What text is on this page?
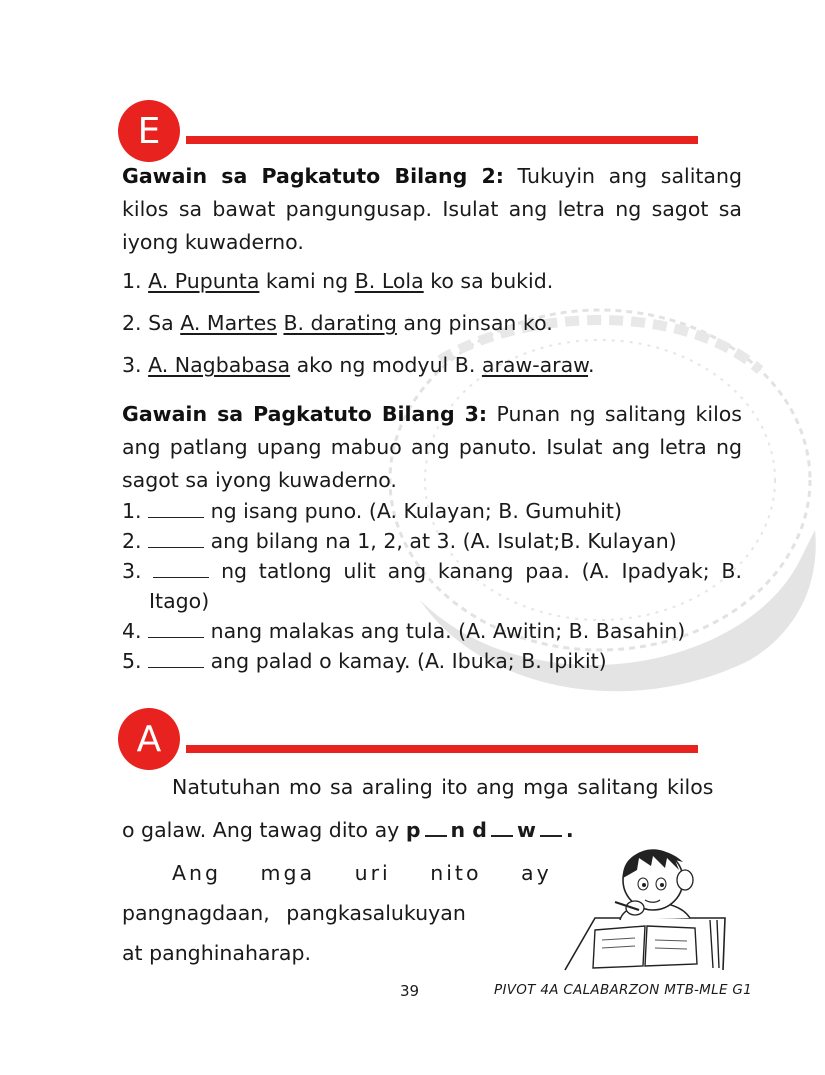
E
Gawain sa Pagkatuto Bilang 2: Tukuyin ang salitang kilos sa bawat pangungusap. Isulat ang letra ng sagot sa iyong kuwaderno.
1. A. Pupunta kami ng B. Lola ko sa bukid.
2. Sa A. Martes B. darating ang pinsan ko.
3. A. Nagbabasa ako ng modyul B. araw-araw.
Gawain sa Pagkatuto Bilang 3: Punan ng salitang kilos ang patlang upang mabuo ang panuto. Isulat ang letra ng sagot sa iyong kuwaderno.
1.	ng isang puno. (A. Kulayan; B. Gumuhit)
2.	ang bilang na 1, 2, at 3. (A. Isulat;B. Kulayan)
3.	ng tatlong ulit ang kanang paa. (A. Ipadyak; B.
Itago)
4.	nang malakas ang tula. (A. Awitin; B. Basahin)
5.	ang palad o kamay. (A. Ibuka; B. Ipikit)
A
Natutuhan mo sa araling ito ang mga salitang kilos
o galaw. Ang tawag dito ay p n d w .
Ang mga uri nito ay
pangnagdaan, pangkasalukuyan
at panghinaharap.
39	PIVOT 4A CALABARZON MTB-MLE G1
